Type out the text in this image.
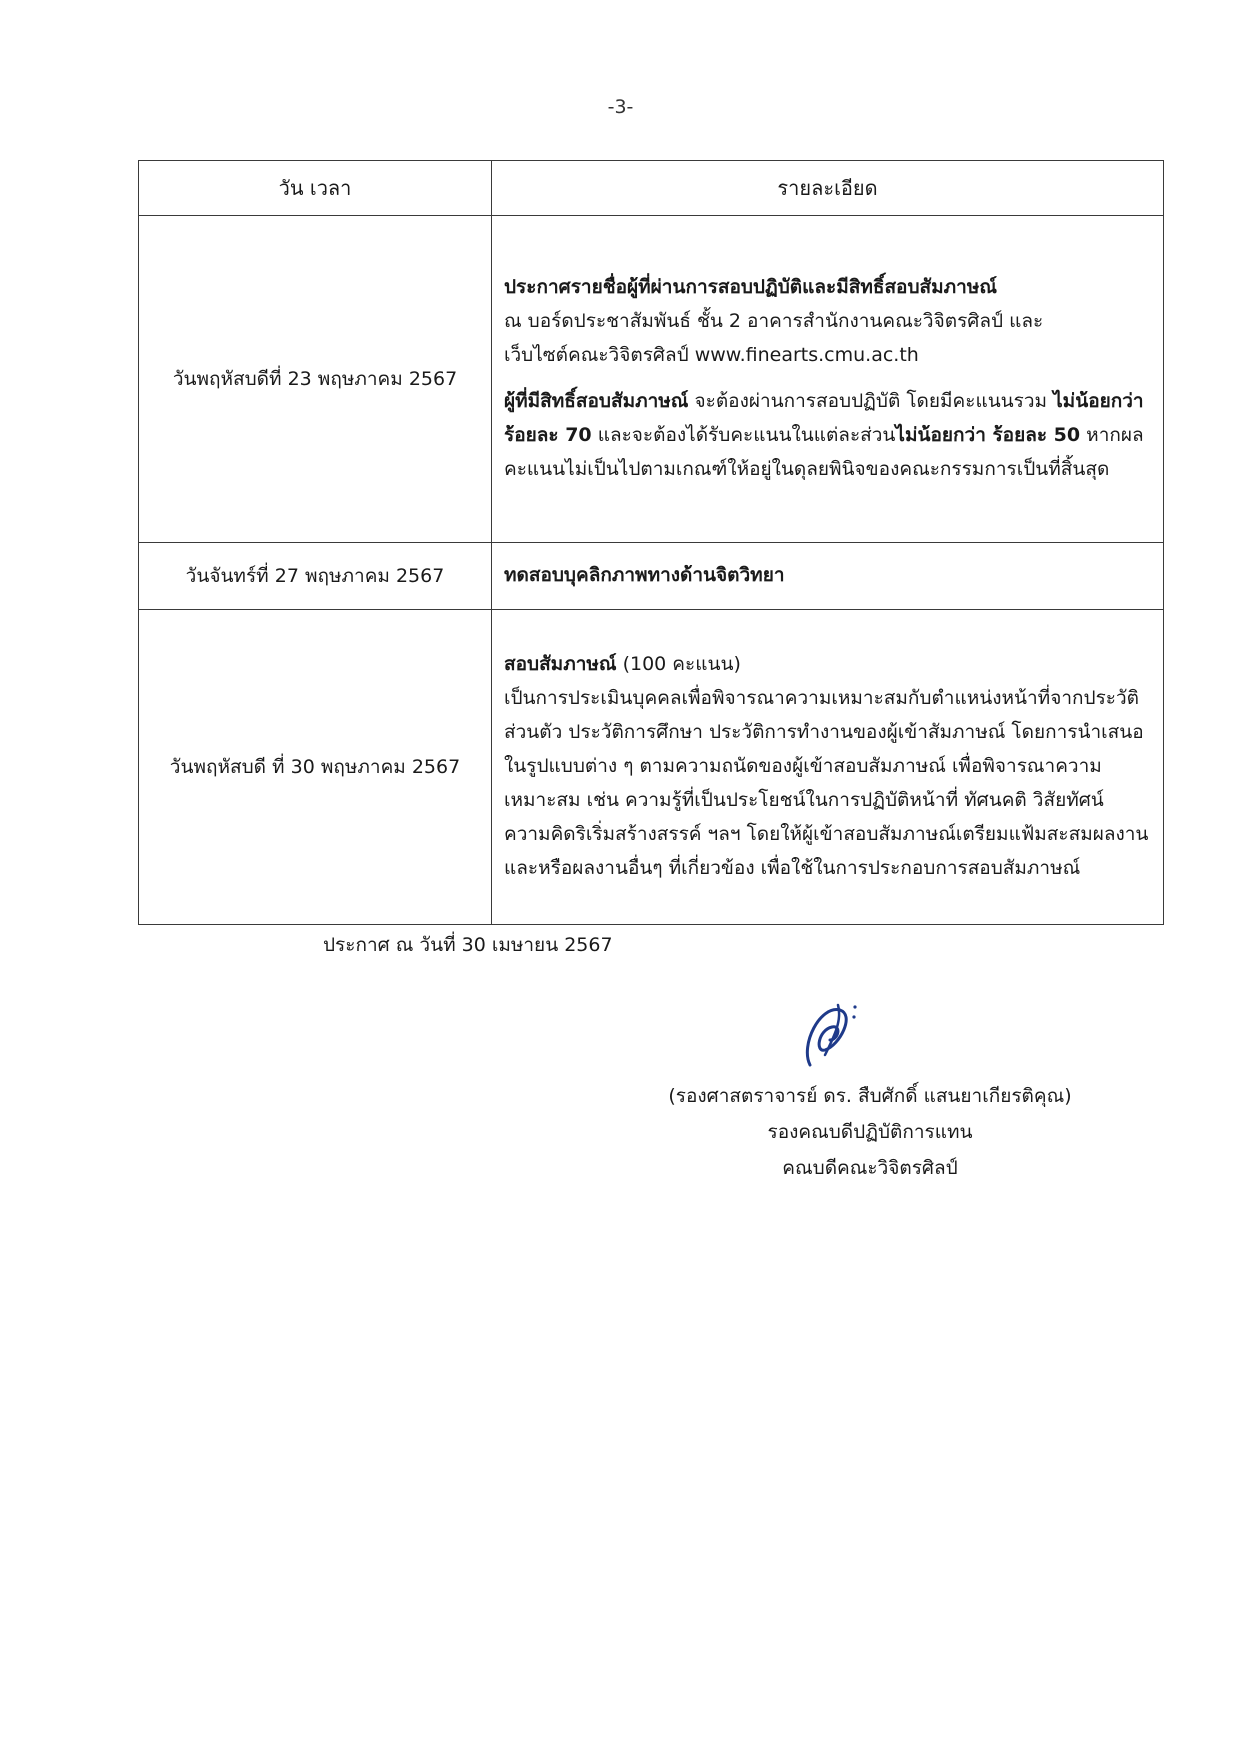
-3-
วัน เวลา	รายละเอียด
วันพฤหัสบดีที่ 23 พฤษภาคม 2567	ประกาศรายชื่อผู้ที่ผ่านการสอบปฏิบัติและมีสิทธิ์สอบสัมภาษณ์
ณ บอร์ดประชาสัมพันธ์ ชั้น 2 อาคารสำนักงานคณะวิจิตรศิลป์ และ
เว็บไซต์คณะวิจิตรศิลป์ www.finearts.cmu.ac.th
ผู้ที่มีสิทธิ์สอบสัมภาษณ์ จะต้องผ่านการสอบปฏิบัติ โดยมีคะแนนรวม ไม่น้อยกว่า ร้อยละ 70 และจะต้องได้รับคะแนนในแต่ละส่วนไม่น้อยกว่า ร้อยละ 50 หากผลคะแนนไม่เป็นไปตามเกณฑ์ให้อยู่ในดุลยพินิจของคณะกรรมการเป็นที่สิ้นสุด

วันจันทร์ที่ 27 พฤษภาคม 2567	ทดสอบบุคลิกภาพทางด้านจิตวิทยา

วันพฤหัสบดี ที่ 30 พฤษภาคม 2567	สอบสัมภาษณ์ (100 คะแนน)
เป็นการประเมินบุคคลเพื่อพิจารณาความเหมาะสมกับตำแหน่งหน้าที่จากประวัติส่วนตัว ประวัติการศึกษา ประวัติการทำงานของผู้เข้าสัมภาษณ์ โดยการนำเสนอในรูปแบบต่าง ๆ ตามความถนัดของผู้เข้าสอบสัมภาษณ์ เพื่อพิจารณาความเหมาะสม เช่น ความรู้ที่เป็นประโยชน์ในการปฏิบัติหน้าที่ ทัศนคติ วิสัยทัศน์ ความคิดริเริ่มสร้างสรรค์ ฯลฯ โดยให้ผู้เข้าสอบสัมภาษณ์เตรียมแฟ้มสะสมผลงาน และหรือผลงานอื่นๆ ที่เกี่ยวข้อง เพื่อใช้ในการประกอบการสอบสัมภาษณ์
ประกาศ ณ วันที่ 30 เมษายน 2567
(รองศาสตราจารย์ ดร. สืบศักดิ์ แสนยาเกียรติคุณ)
รองคณบดีปฏิบัติการแทน
คณบดีคณะวิจิตรศิลป์
